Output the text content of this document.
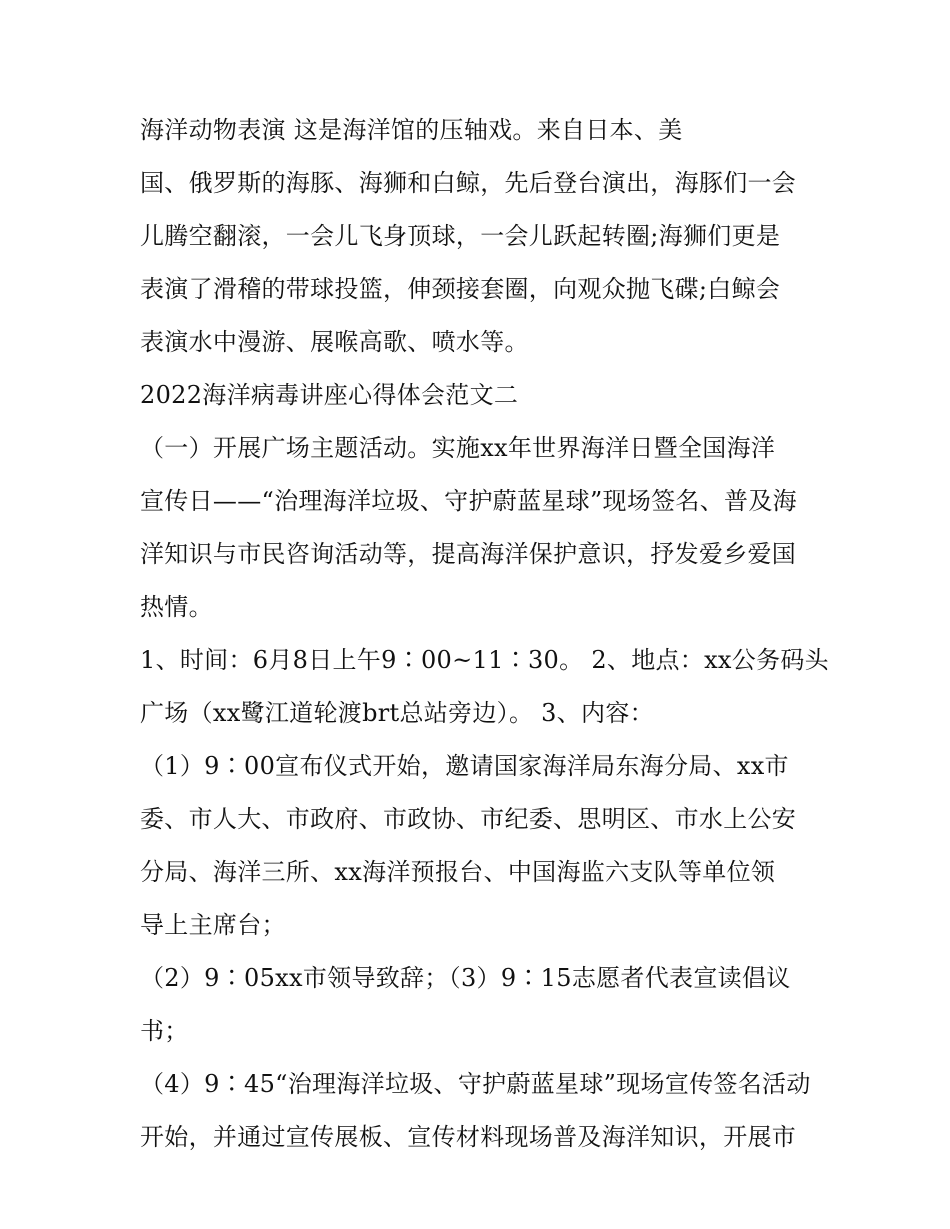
海洋动物表演 这是海洋馆的压轴戏。来自日本、美
国、俄罗斯的海豚、海狮和白鲸，先后登台演出，海豚们一会
儿腾空翻滚，一会儿飞身顶球，一会儿跃起转圈;海狮们更是
表演了滑稽的带球投篮，伸颈接套圈，向观众抛飞碟;白鲸会
表演水中漫游、展喉高歌、喷水等。
2022海洋病毒讲座心得体会范文二
（一）开展广场主题活动。实施xx年世界海洋日暨全国海洋
宣传日——“治理海洋垃圾、守护蔚蓝星球”现场签名、普及海
洋知识与市民咨询活动等，提高海洋保护意识，抒发爱乡爱国
热情。
1、时间：6月8日上午9∶00~11∶30。 2、地点：xx公务码头
广场（xx鹭江道轮渡brt总站旁边）。 3、内容：
（1）9∶00宣布仪式开始，邀请国家海洋局东海分局、xx市
委、市人大、市政府、市政协、市纪委、思明区、市水上公安
分局、海洋三所、xx海洋预报台、中国海监六支队等单位领
导上主席台；
（2）9∶05xx市领导致辞；（3）9∶15志愿者代表宣读倡议
书；
（4）9∶45“治理海洋垃圾、守护蔚蓝星球”现场宣传签名活动
开始，并通过宣传展板、宣传材料现场普及海洋知识，开展市
